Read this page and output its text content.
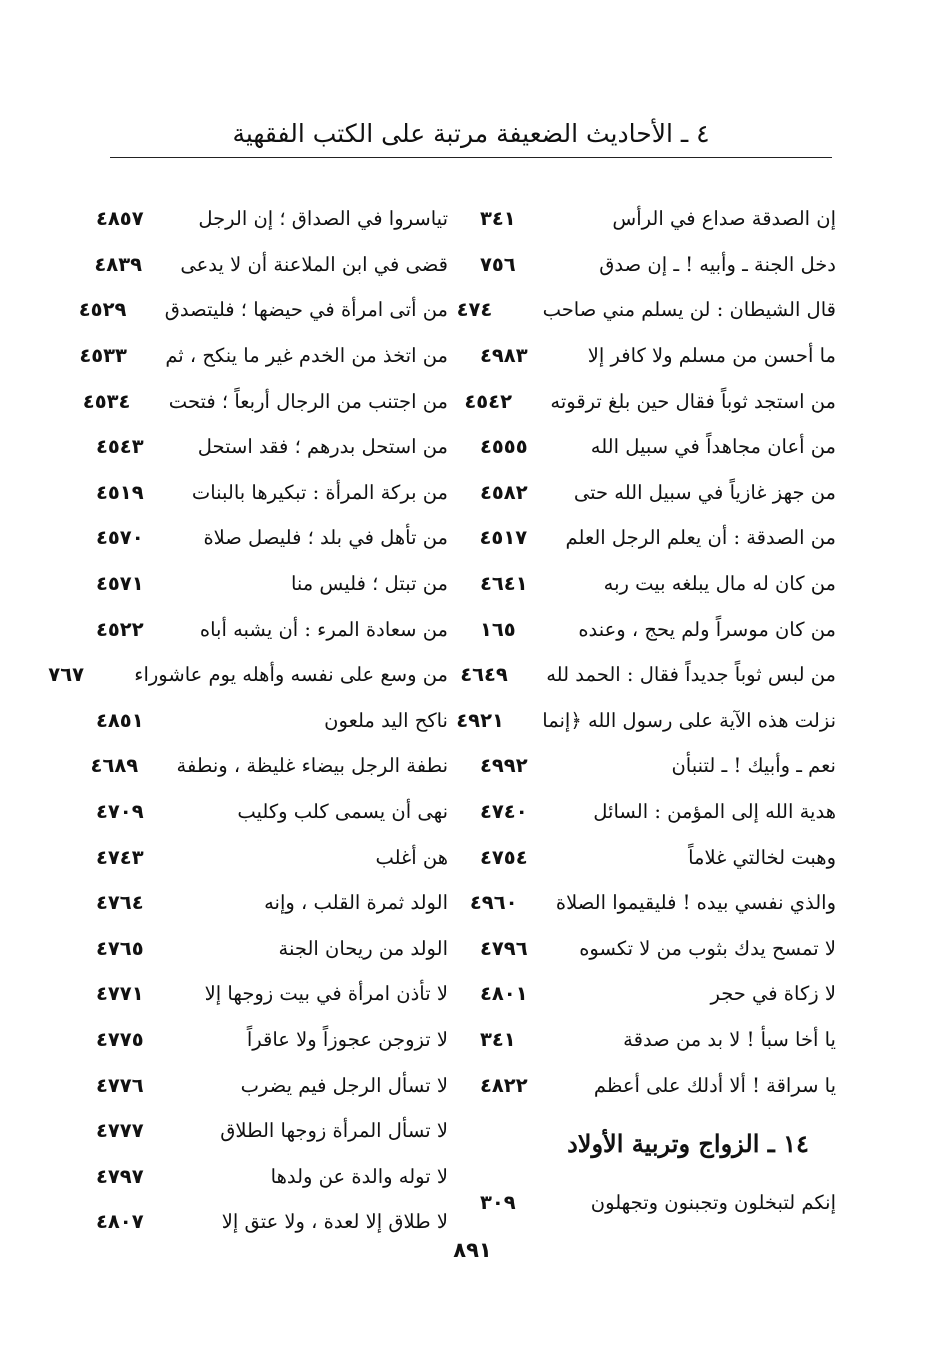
٤ ـ الأحاديث الضعيفة مرتبة على الكتب الفقهية
إن الصدقة صداع في الرأس
٣٤١
دخل الجنة ـ وأبيه ! ـ إن صدق
٧٥٦
قال الشيطان : لن يسلم مني صاحب
٤٧٤
ما أحسن من مسلم ولا كافر إلا
٤٩٨٣
من استجد ثوباً فقال حين بلغ ترقوته
٤٥٤٢
من أعان مجاهداً في سبيل الله
٤٥٥٥
من جهز غازياً في سبيل الله حتى
٤٥٨٢
من الصدقة : أن يعلم الرجل العلم
٤٥١٧
من كان له مال يبلغه بيت ربه
٤٦٤١
من كان موسراً ولم يحج ، وعنده
١٦٥
من لبس ثوباً جديداً فقال : الحمد لله
٤٦٤٩
نزلت هذه الآية على رسول الله ﴿إنما
٤٩٢١
نعم ـ وأبيك ! ـ لتنبأن
٤٩٩٢
هدية الله إلى المؤمن : السائل
٤٧٤٠
وهبت لخالتي غلاماً
٤٧٥٤
والذي نفسي بيده ! فليقيموا الصلاة
٤٩٦٠
لا تمسح يدك بثوب من لا تكسوه
٤٧٩٦
لا زكاة في حجر
٤٨٠١
يا أخا سبأ ! لا بد من صدقة
٣٤١
يا سراقة ! ألا أدلك على أعظم
٤٨٢٢
١٤ ـ الزواج وتربية الأولاد
إنكم لتبخلون وتجبنون وتجهلون
٣٠٩
تياسروا في الصداق ؛ إن الرجل
٤٨٥٧
قضى في ابن الملاعنة أن لا يدعى
٤٨٣٩
من أتى امرأة في حيضها ؛ فليتصدق
٤٥٢٩
من اتخذ من الخدم غير ما ينكح ، ثم
٤٥٣٣
من اجتنب من الرجال أربعاً ؛ فتحت
٤٥٣٤
من استحل بدرهم ؛ فقد استحل
٤٥٤٣
من بركة المرأة : تبكيرها بالبنات
٤٥١٩
من تأهل في بلد ؛ فليصل صلاة
٤٥٧٠
من تبتل ؛ فليس منا
٤٥٧١
من سعادة المرء : أن يشبه أباه
٤٥٢٢
من وسع على نفسه وأهله يوم عاشوراء
٧٦٧
ناكح اليد ملعون
٤٨٥١
نطفة الرجل بيضاء غليظة ، ونطفة
٤٦٨٩
نهى أن يسمى كلب وكليب
٤٧٠٩
هن أغلب
٤٧٤٣
الولد ثمرة القلب ، وإنه
٤٧٦٤
الولد من ريحان الجنة
٤٧٦٥
لا تأذن امرأة في بيت زوجها إلا
٤٧٧١
لا تزوجن عجوزاً ولا عاقراً
٤٧٧٥
لا تسأل الرجل فيم يضرب
٤٧٧٦
لا تسأل المرأة زوجها الطلاق
٤٧٧٧
لا توله والدة عن ولدها
٤٧٩٧
لا طلاق إلا لعدة ، ولا عتق إلا
٤٨٠٧
٨٩١
